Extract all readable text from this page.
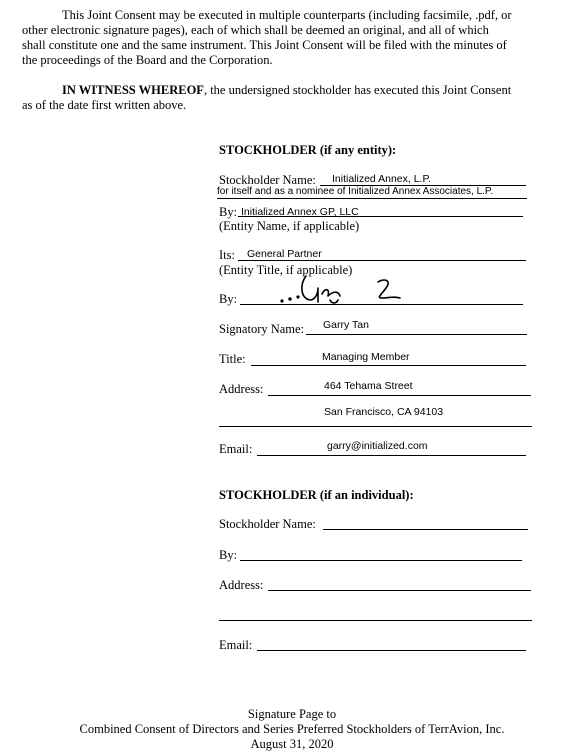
This Joint Consent may be executed in multiple counterparts (including facsimile, .pdf, or
other electronic signature pages), each of which shall be deemed an original, and all of which
shall constitute one and the same instrument. This Joint Consent will be filed with the minutes of
the proceedings of the Board and the Corporation.
IN WITNESS WHEREOF, the undersigned stockholder has executed this Joint Consent
as of the date first written above.
STOCKHOLDER (if any entity):
Stockholder Name: Initialized Annex, L.P.
for itself and as a nominee of Initialized Annex Associates, L.P.
By: Initialized Annex GP, LLC
(Entity Name, if applicable)
Its: General Partner
(Entity Title, if applicable)
By:
Signatory Name: Garry Tan
Title:	Managing Member
Address:	464 Tehama Street
San Francisco, CA 94103
Email:	garry@initialized.com
STOCKHOLDER (if an individual):
Stockholder Name:
By:
Address:
Email:
Signature Page to
Combined Consent of Directors and Series Preferred Stockholders of TerrAvion, Inc.
August 31, 2020
